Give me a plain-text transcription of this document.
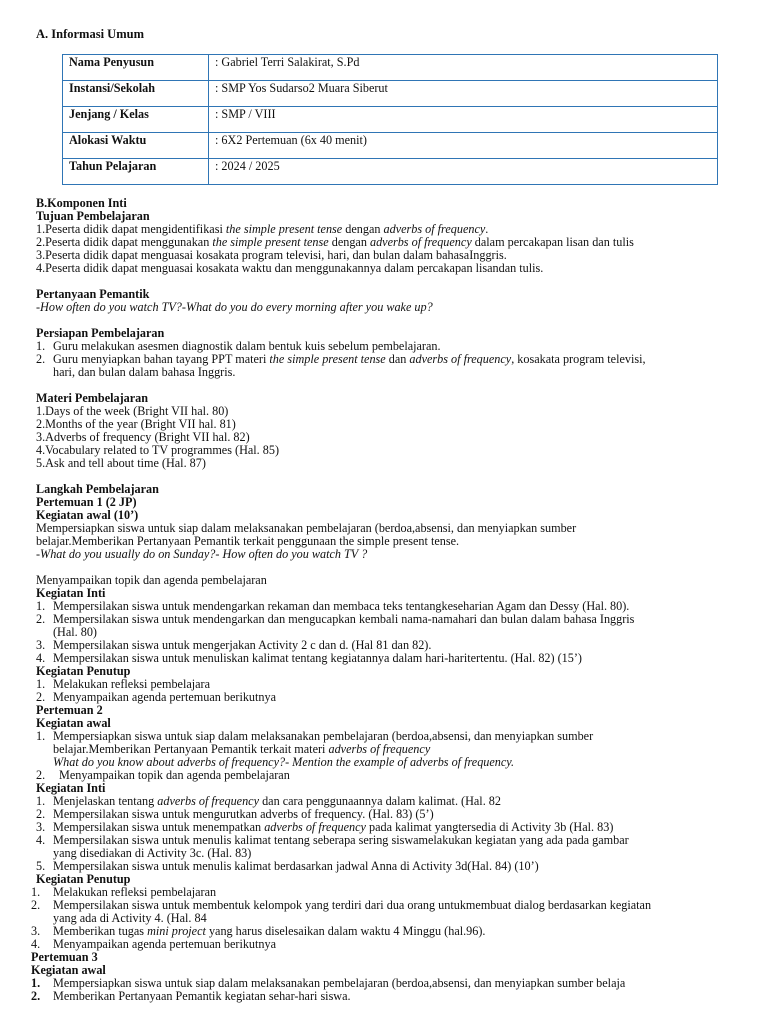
A. Informasi Umum
Nama Penyusun	: Gabriel Terri Salakirat, S.Pd
Instansi/Sekolah	: SMP Yos Sudarso2 Muara Siberut
Jenjang / Kelas	: SMP / VIII
Alokasi Waktu	: 6X2 Pertemuan (6x 40 menit)
Tahun Pelajaran	: 2024 / 2025
B.Komponen Inti
Tujuan Pembelajaran
1.Peserta didik dapat mengidentifikasi the simple present tense dengan adverbs of frequency.
2.Peserta didik dapat menggunakan the simple present tense dengan adverbs of frequency dalam percakapan lisan dan tulis
3.Peserta didik dapat menguasai kosakata program televisi, hari, dan bulan dalam bahasaInggris.
4.Peserta didik dapat menguasai kosakata waktu dan menggunakannya dalam percakapan lisandan tulis.
Pertanyaan Pemantik
-How often do you watch TV?-What do you do every morning after you wake up?
Persiapan Pembelajaran
1. Guru melakukan asesmen diagnostik dalam bentuk kuis sebelum pembelajaran.
2. Guru menyiapkan bahan tayang PPT materi the simple present tense dan adverbs of frequency, kosakata program televisi,
hari, dan bulan dalam bahasa Inggris.
Materi Pembelajaran
1.Days of the week (Bright VII hal. 80)
2.Months of the year (Bright VII hal. 81)
3.Adverbs of frequency (Bright VII hal. 82)
4.Vocabulary related to TV programmes (Hal. 85)
5.Ask and tell about time (Hal. 87)
Langkah Pembelajaran
Pertemuan 1 (2 JP)
Kegiatan awal (10’)
Mempersiapkan siswa untuk siap dalam melaksanakan pembelajaran (berdoa,absensi, dan menyiapkan sumber
belajar.Memberikan Pertanyaan Pemantik terkait penggunaan the simple present tense.
-What do you usually do on Sunday?- How often do you watch TV ?
Menyampaikan topik dan agenda pembelajaran
Kegiatan Inti
1. Mempersilakan siswa untuk mendengarkan rekaman dan membaca teks tentangkeseharian Agam dan Dessy (Hal. 80).
2. Mempersilakan siswa untuk mendengarkan dan mengucapkan kembali nama-namahari dan bulan dalam bahasa Inggris
(Hal. 80)
3. Mempersilakan siswa untuk mengerjakan Activity 2 c dan d. (Hal 81 dan 82).
4. Mempersilakan siswa untuk menuliskan kalimat tentang kegiatannya dalam hari-haritertentu. (Hal. 82) (15’)
Kegiatan Penutup
1. Melakukan refleksi pembelajara
2. Menyampaikan agenda pertemuan berikutnya
Pertemuan 2
Kegiatan awal
1. Mempersiapkan siswa untuk siap dalam melaksanakan pembelajaran (berdoa,absensi, dan menyiapkan sumber
belajar.Memberikan Pertanyaan Pemantik terkait materi adverbs of frequency
What do you know about adverbs of frequency?- Mention the example of adverbs of frequency.
2. Menyampaikan topik dan agenda pembelajaran
Kegiatan Inti
1. Menjelaskan tentang adverbs of frequency dan cara penggunaannya dalam kalimat. (Hal. 82
2. Mempersilakan siswa untuk mengurutkan adverbs of frequency. (Hal. 83) (5’)
3. Mempersilakan siswa untuk menempatkan adverbs of frequency pada kalimat yangtersedia di Activity 3b (Hal. 83)
4. Mempersilakan siswa untuk menulis kalimat tentang seberapa sering siswamelakukan kegiatan yang ada pada gambar
yang disediakan di Activity 3c. (Hal. 83)
5. Mempersilakan siswa untuk menulis kalimat berdasarkan jadwal Anna di Activity 3d(Hal. 84) (10’)
Kegiatan Penutup
1. Melakukan refleksi pembelajaran
2. Mempersilakan siswa untuk membentuk kelompok yang terdiri dari dua orang untukmembuat dialog berdasarkan kegiatan
yang ada di Activity 4. (Hal. 84
3. Memberikan tugas mini project yang harus diselesaikan dalam waktu 4 Minggu (hal.96).
4. Menyampaikan agenda pertemuan berikutnya
Pertemuan 3
Kegiatan awal
1. Mempersiapkan siswa untuk siap dalam melaksanakan pembelajaran (berdoa,absensi, dan menyiapkan sumber belaja
2. Memberikan Pertanyaan Pemantik kegiatan sehar-hari siswa.
